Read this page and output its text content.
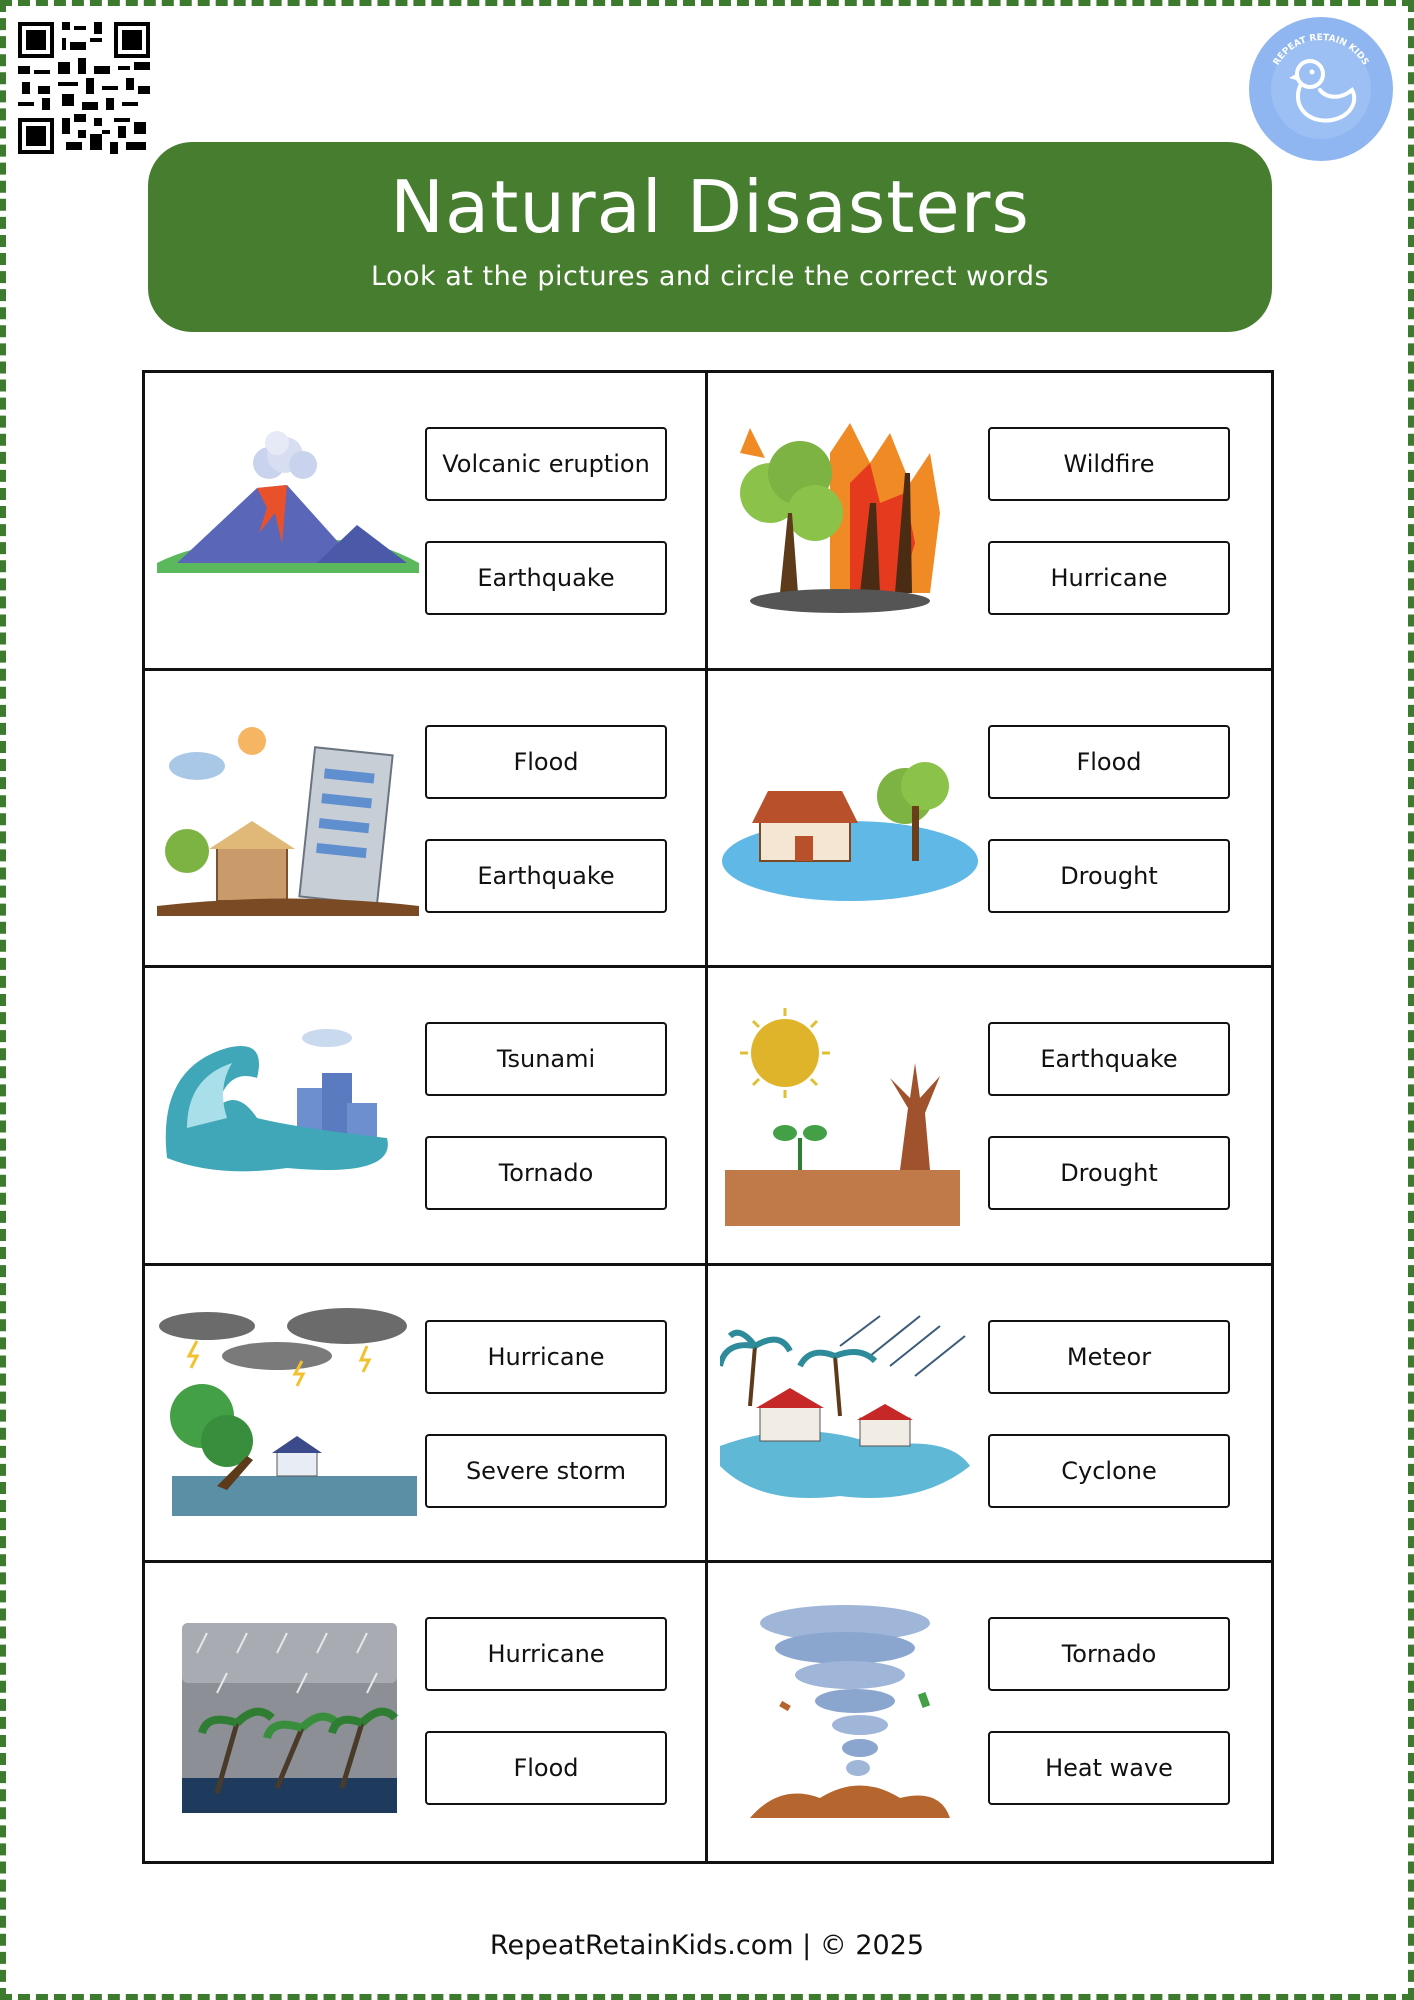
REPEAT RETAIN KIDS
Natural Disasters
Look at the pictures and circle the correct words
Volcanic eruption
Earthquake
Wildfire
Hurricane
Flood
Earthquake
Flood
Drought
Tsunami
Tornado
Earthquake
Drought
Hurricane
Severe storm
Meteor
Cyclone
Hurricane
Flood
Tornado
Heat wave
RepeatRetainKids.com | © 2025
